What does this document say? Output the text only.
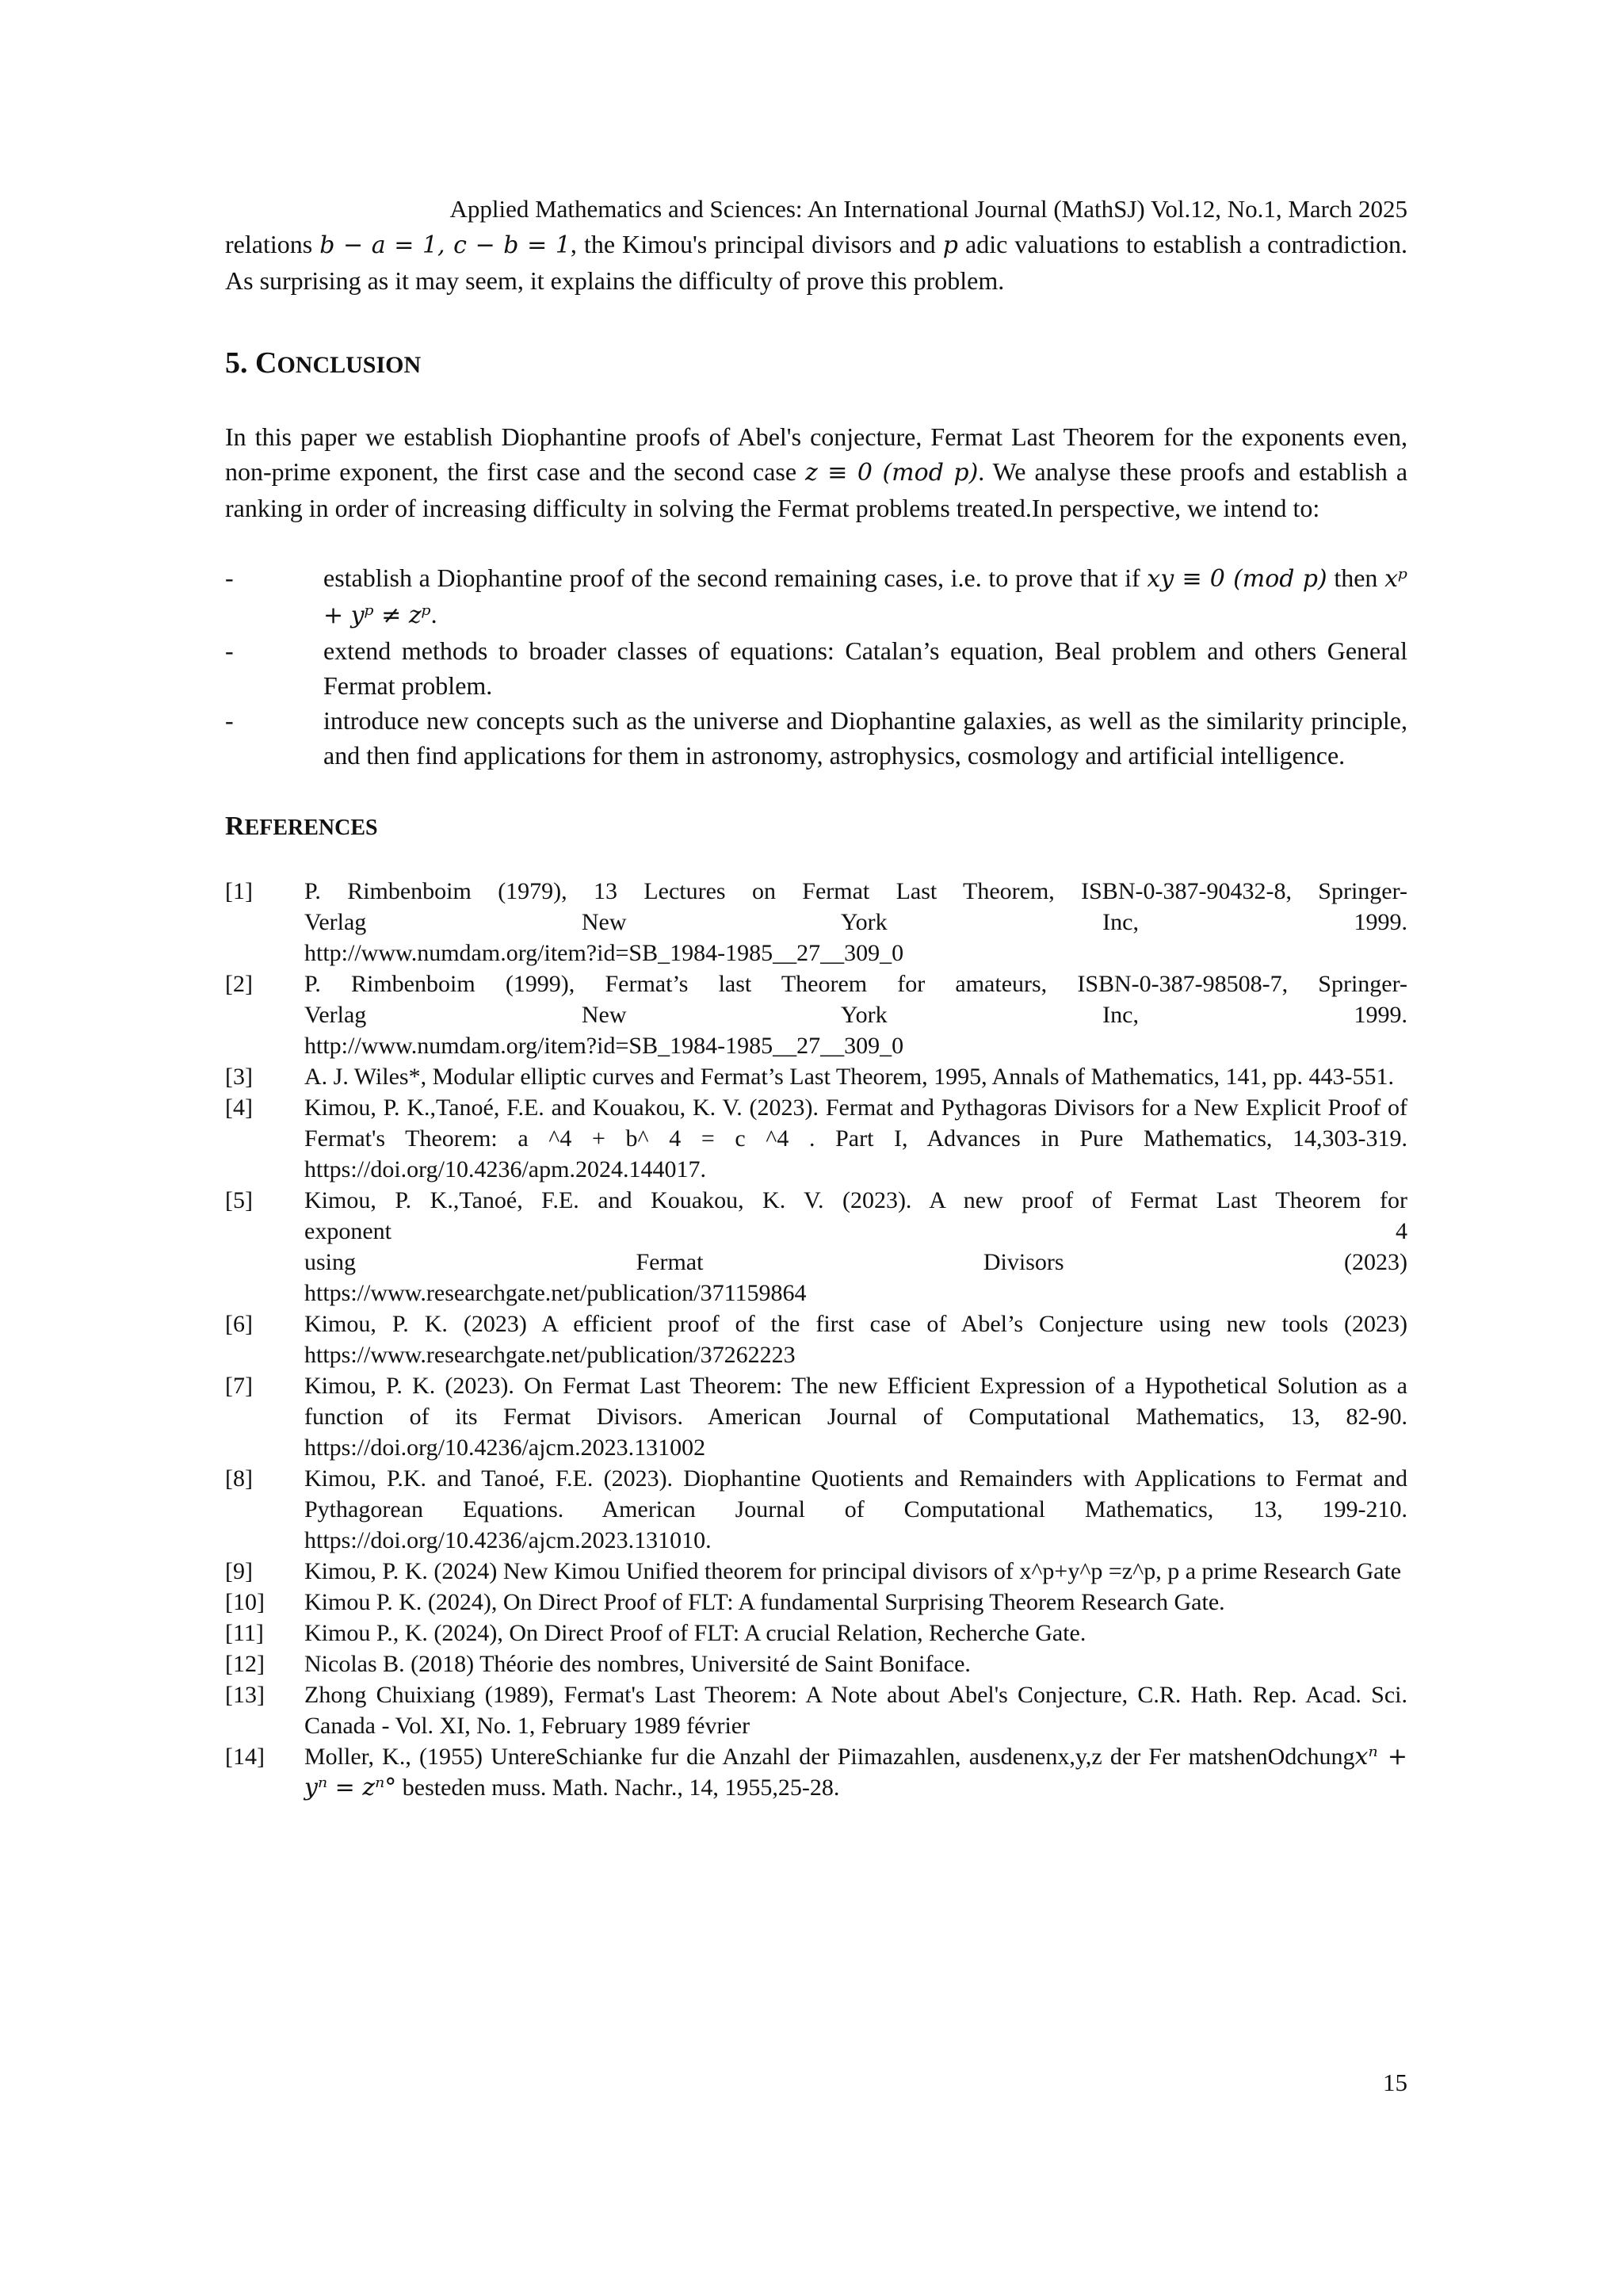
Applied Mathematics and Sciences: An International Journal (MathSJ) Vol.12, No.1, March 2025

relations b − a = 1, c − b = 1, the Kimou's principal divisors and p adic valuations to establish a contradiction. As surprising as it may seem, it explains the difficulty of prove this problem.

5. CONCLUSION

In this paper we establish Diophantine proofs of Abel's conjecture, Fermat Last Theorem for the exponents even, non-prime exponent, the first case and the second case z ≡ 0 (mod p). We analyse these proofs and establish a ranking in order of increasing difficulty in solving the Fermat problems treated.In perspective, we intend to:

-	establish a Diophantine proof of the second remaining cases, i.e. to prove that if xy ≡ 0 (mod p) then xᵖ + yᵖ ≠ zᵖ.
-	extend methods to broader classes of equations: Catalan’s equation, Beal problem and others General Fermat problem.
-	introduce new concepts such as the universe and Diophantine galaxies, as well as the similarity principle, and then find applications for them in astronomy, astrophysics, cosmology and artificial intelligence.
REFERENCES
[1] P. Rimbenboim (1979), 13 Lectures on Fermat Last Theorem, ISBN-0-387-90432-8, Springer-
Verlag New York Inc, 1999.
http://www.numdam.org/item?id=SB_1984-1985__27__309_0
[2] P. Rimbenboim (1999), Fermat’s last Theorem for amateurs, ISBN-0-387-98508-7, Springer-
Verlag New York Inc, 1999.
http://www.numdam.org/item?id=SB_1984-1985__27__309_0
[3] A. J. Wiles*, Modular elliptic curves and Fermat’s Last Theorem, 1995, Annals of Mathematics, 141, pp. 443-551.
[4] Kimou, P. K.,Tanoé, F.E. and Kouakou, K. V. (2023). Fermat and Pythagoras Divisors for a New Explicit Proof of Fermat's Theorem: a ^4 + b^ 4 = c ^4 . Part I, Advances in Pure Mathematics, 14,303-319. https://doi.org/10.4236/apm.2024.144017.
[5] Kimou, P. K.,Tanoé, F.E. and Kouakou, K. V. (2023). A new proof of Fermat Last Theorem for
exponent 4
using Fermat Divisors (2023)
https://www.researchgate.net/publication/371159864
[6] Kimou, P. K. (2023) A efficient proof of the first case of Abel’s Conjecture using new tools (2023) https://www.researchgate.net/publication/37262223
[7] Kimou, P. K. (2023). On Fermat Last Theorem: The new Efficient Expression of a Hypothetical Solution as a function of its Fermat Divisors. American Journal of Computational Mathematics, 13, 82-90. https://doi.org/10.4236/ajcm.2023.131002
[8] Kimou, P.K. and Tanoé, F.E. (2023). Diophantine Quotients and Remainders with Applications to Fermat and Pythagorean Equations. American Journal of Computational Mathematics, 13, 199-210. https://doi.org/10.4236/ajcm.2023.131010.
[9] Kimou, P. K. (2024) New Kimou Unified theorem for principal divisors of x^p+y^p =z^p, p a prime Research Gate
[10] Kimou P. K. (2024), On Direct Proof of FLT: A fundamental Surprising Theorem Research Gate.
[11] Kimou P., K. (2024), On Direct Proof of FLT: A crucial Relation, Recherche Gate.
[12] Nicolas B. (2018) Théorie des nombres, Université de Saint Boniface.
[13] Zhong Chuixiang (1989), Fermat's Last Theorem: A Note about Abel's Conjecture, C.R. Hath. Rep. Acad. Sci. Canada - Vol. XI, No. 1, February 1989 février
[14] Moller, K., (1955) UntereSchianke fur die Anzahl der Piimazahlen, ausdenenx,y,z der Fer matshenOdchungxⁿ + yⁿ = zⁿ° besteden muss. Math. Nachr., 14, 1955,25-28.
15
